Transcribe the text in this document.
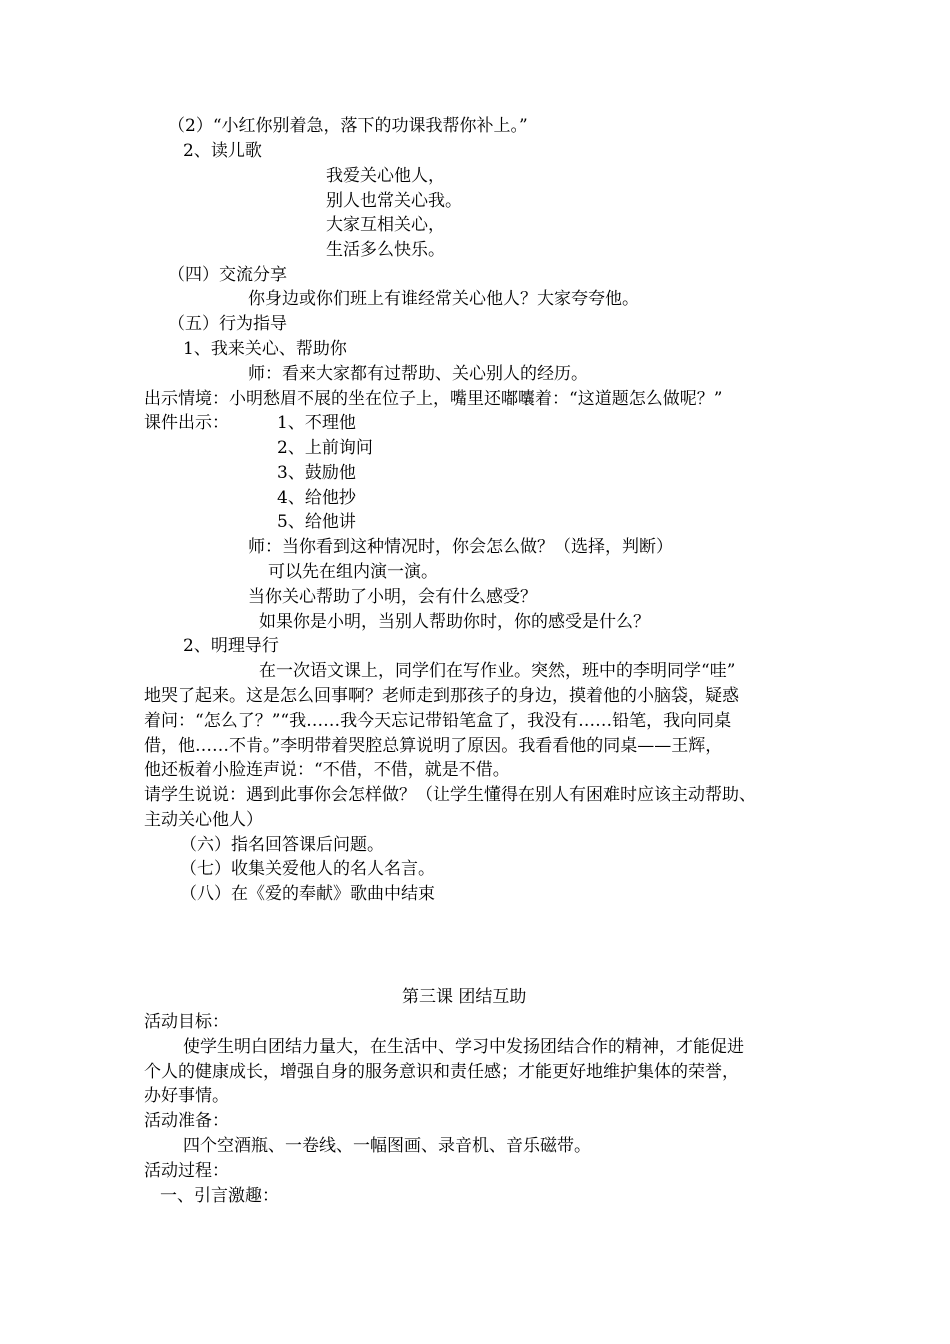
（2）“小红你别着急，落下的功课我帮你补上。”
2、读儿歌
我爱关心他人，
别人也常关心我。
大家互相关心，
生活多么快乐。
（四）交流分享
你身边或你们班上有谁经常关心他人？大家夸夸他。
（五）行为指导
1、我来关心、帮助你
师：看来大家都有过帮助、关心别人的经历。
出示情境：小明愁眉不展的坐在位子上，嘴里还嘟囔着：“这道题怎么做呢？”
课件出示：	1、不理他
2、上前询问
3、鼓励他
4、给他抄
5、给他讲
师：当你看到这种情况时，你会怎么做？（选择，判断）
可以先在组内演一演。
当你关心帮助了小明，会有什么感受？
如果你是小明，当别人帮助你时，你的感受是什么？
2、明理导行
在一次语文课上，同学们在写作业。突然，班中的李明同学“哇”
地哭了起来。这是怎么回事啊？老师走到那孩子的身边，摸着他的小脑袋，疑惑
着问：“怎么了？”“我……我今天忘记带铅笔盒了，我没有……铅笔，我向同桌
借，他……不肯。”李明带着哭腔总算说明了原因。我看看他的同桌——王辉，
他还板着小脸连声说：“不借，不借，就是不借。
请学生说说：遇到此事你会怎样做？（让学生懂得在别人有困难时应该主动帮助、
主动关心他人）
（六）指名回答课后问题。
（七）收集关爱他人的名人名言。
（八）在《爱的奉献》歌曲中结束
第三课 团结互助
活动目标：
使学生明白团结力量大，在生活中、学习中发扬团结合作的精神，才能促进
个人的健康成长，增强自身的服务意识和责任感；才能更好地维护集体的荣誉，
办好事情。
活动准备：
四个空酒瓶、一卷线、一幅图画、录音机、音乐磁带。
活动过程：
一、引言激趣：
